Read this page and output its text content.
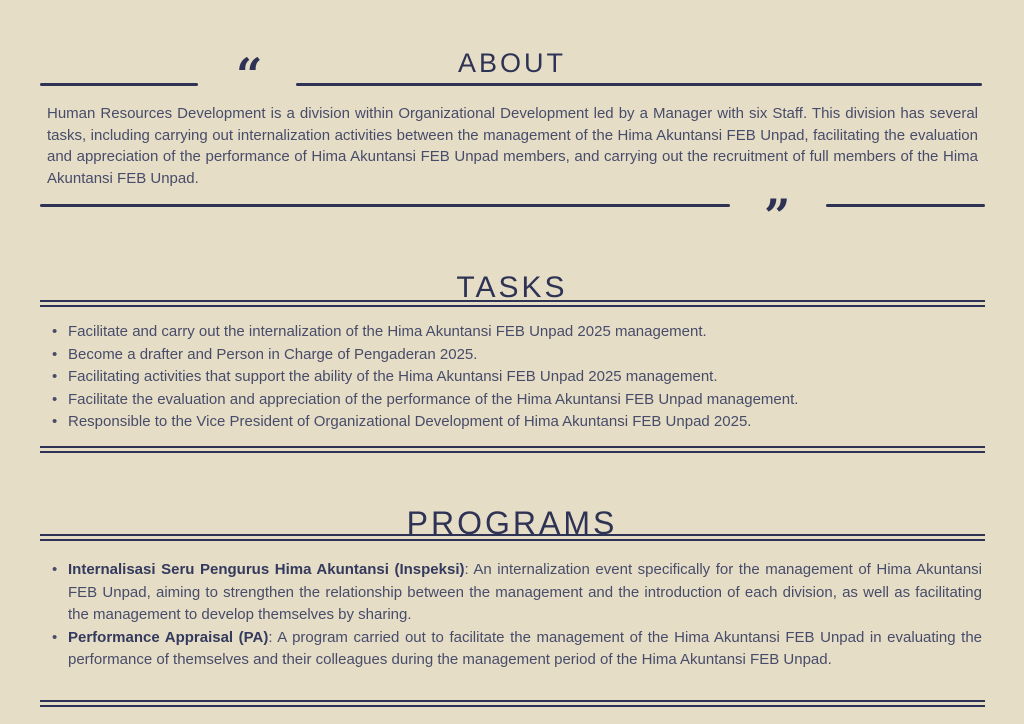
ABOUT
“

Human Resources Development is a division within Organizational Development led by a Manager with six Staff. This division has several tasks, including carrying out internalization activities between the management of the Hima Akuntansi FEB Unpad, facilitating the evaluation and appreciation of the performance of Hima Akuntansi FEB Unpad members, and carrying out the recruitment of full members of the Hima Akuntansi FEB Unpad.

”
TASKS
• Facilitate and carry out the internalization of the Hima Akuntansi FEB Unpad 2025 management.
• Become a drafter and Person in Charge of Pengaderan 2025.
• Facilitating activities that support the ability of the Hima Akuntansi FEB Unpad 2025 management.
• Facilitate the evaluation and appreciation of the performance of the Hima Akuntansi FEB Unpad management.
• Responsible to the Vice President of Organizational Development of Hima Akuntansi FEB Unpad 2025.
PROGRAMS
• Internalisasi Seru Pengurus Hima Akuntansi (Inspeksi): An internalization event specifically for the management of Hima Akuntansi FEB Unpad, aiming to strengthen the relationship between the management and the introduction of each division, as well as facilitating the management to develop themselves by sharing.
• Performance Appraisal (PA): A program carried out to facilitate the management of the Hima Akuntansi FEB Unpad in evaluating the performance of themselves and their colleagues during the management period of the Hima Akuntansi FEB Unpad.
